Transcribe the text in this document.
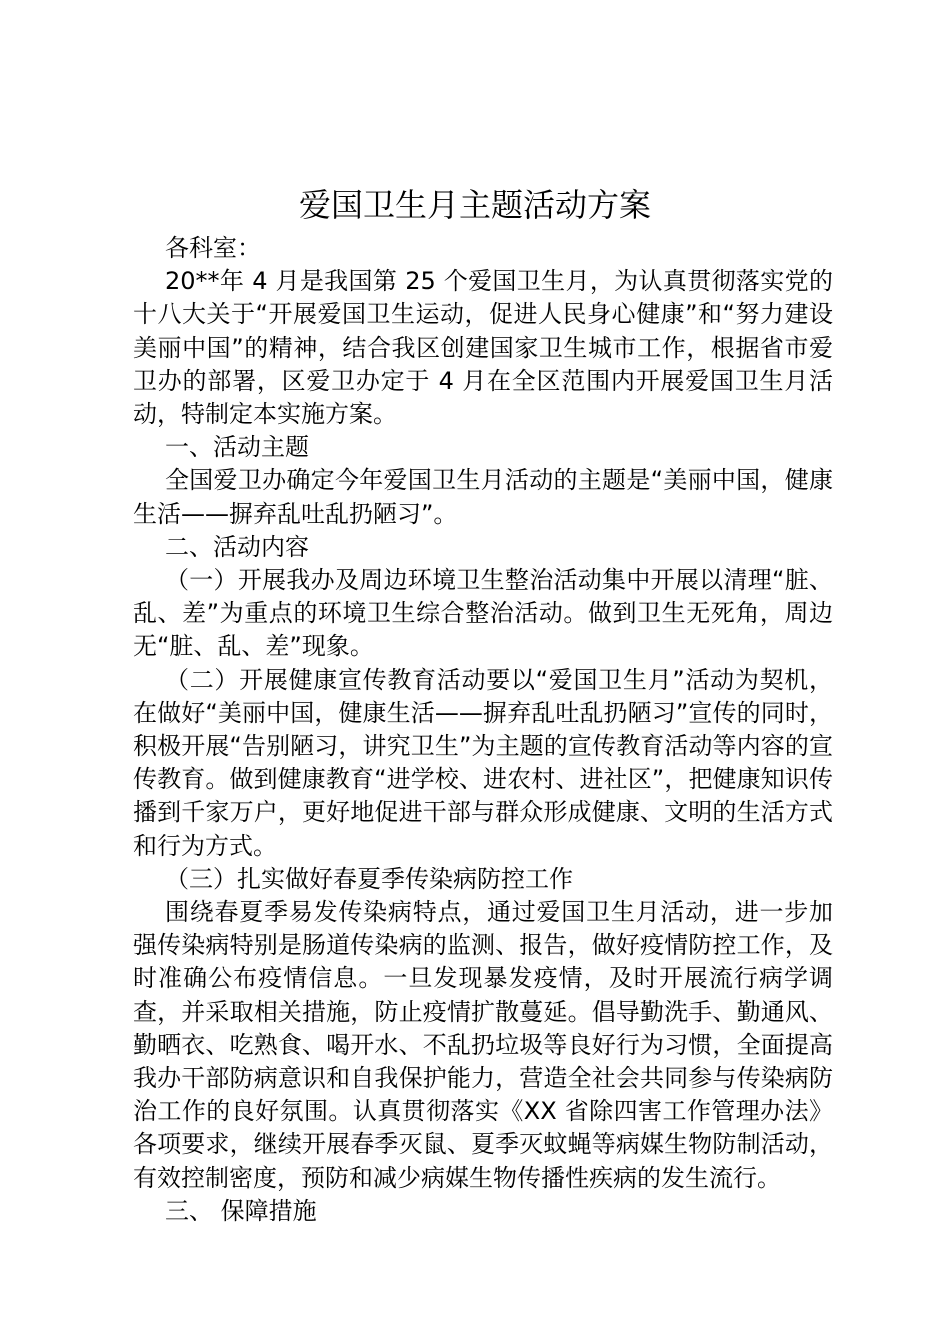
爱国卫生月主题活动方案

各科室：

20**年 4 月是我国第 25 个爱国卫生月，为认真贯彻落实党的十八大关于“开展爱国卫生运动，促进人民身心健康”和“努力建设美丽中国”的精神，结合我区创建国家卫生城市工作，根据省市爱卫办的部署，区爱卫办定于 4 月在全区范围内开展爱国卫生月活动，特制定本实施方案。

一、活动主题

全国爱卫办确定今年爱国卫生月活动的主题是“美丽中国，健康生活——摒弃乱吐乱扔陋习”。

二、活动内容

（一）开展我办及周边环境卫生整治活动集中开展以清理“脏、乱、差”为重点的环境卫生综合整治活动。做到卫生无死角，周边无“脏、乱、差”现象。

（二）开展健康宣传教育活动要以“爱国卫生月”活动为契机，在做好“美丽中国，健康生活——摒弃乱吐乱扔陋习”宣传的同时，积极开展“告别陋习，讲究卫生”为主题的宣传教育活动等内容的宣传教育。做到健康教育“进学校、进农村、进社区”，把健康知识传播到千家万户，更好地促进干部与群众形成健康、文明的生活方式和行为方式。

（三）扎实做好春夏季传染病防控工作

围绕春夏季易发传染病特点，通过爱国卫生月活动，进一步加强传染病特别是肠道传染病的监测、报告，做好疫情防控工作，及时准确公布疫情信息。一旦发现暴发疫情，及时开展流行病学调查，并采取相关措施，防止疫情扩散蔓延。倡导勤洗手、勤通风、勤晒衣、吃熟食、喝开水、不乱扔垃圾等良好行为习惯，全面提高我办干部防病意识和自我保护能力，营造全社会共同参与传染病防治工作的良好氛围。认真贯彻落实《XX 省除四害工作管理办法》各项要求，继续开展春季灭鼠、夏季灭蚊蝇等病媒生物防制活动，有效控制密度，预防和减少病媒生物传播性疾病的发生流行。

三、 保障措施
